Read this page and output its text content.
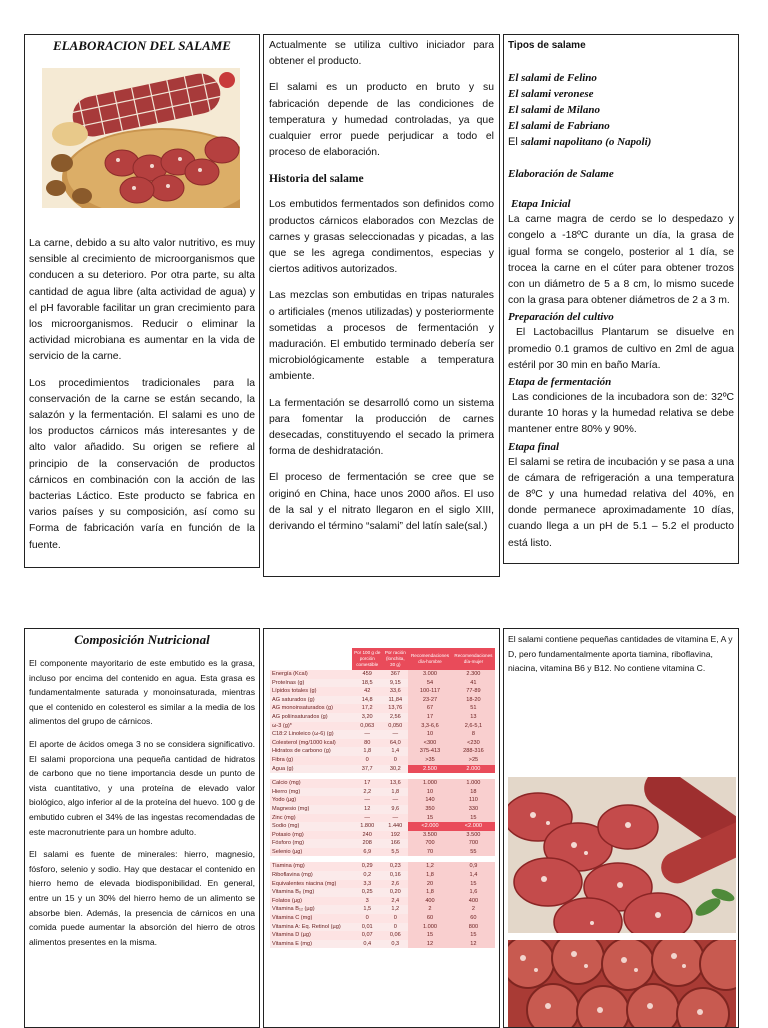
ELABORACION DEL SALAME

La carne, debido a su alto valor nutritivo, es muy sensible al crecimiento de microorganismos que conducen a su deterioro. Por otra parte, su alta cantidad de agua libre (alta actividad de agua) y el pH favorable facilitar un gran crecimiento para los microorganismos. Reducir o eliminar la actividad microbiana es aumentar en la vida de servicio de la carne.

Los procedimientos tradicionales para la conservación de la carne se están secando, la salazón y la fermentación. El salami es uno de los productos cárnicos más interesantes y de alto valor añadido. Su origen se refiere al principio de la conservación de productos cárnicos en combinación con la acción de las bacterias Láctico. Este producto se fabrica en varios países y su composición, así como su Forma de fabricación varía en función de la fuente.

Actualmente se utiliza cultivo iniciador para obtener el producto.

El salami es un producto en bruto y su fabricación depende de las condiciones de temperatura y humedad controladas, ya que cualquier error puede perjudicar a todo el proceso de elaboración.

Historia del salame

Los embutidos fermentados son definidos como productos cárnicos elaborados con Mezclas de carnes y grasas seleccionadas y picadas, a las que se les agrega condimentos, especias y ciertos aditivos autorizados.

Las mezclas son embutidas en tripas naturales o artificiales (menos utilizadas) y posteriormente sometidas a procesos de fermentación y maduración. El embutido terminado debería ser microbiológicamente estable a temperatura ambiente.

La fermentación se desarrolló como un sistema para fomentar la producción de carnes desecadas, constituyendo el secado la primera forma de deshidratación.

El proceso de fermentación se cree que se originó en China, hace unos 2000 años. El uso de la sal y el nitrato llegaron en el siglo XIII, derivando el término “salami” del latín sale(sal.)

Tipos de salame
El salami de Felino
El salami veronese
El salami de Milano
El salami de Fabriano
El salami napolitano (o Napoli)
Elaboración de Salame
Etapa Inicial

La carne magra de cerdo se lo despedazo y congelo a -18ºC durante un día, la grasa de igual forma se congelo, posterior al 1 día, se trocea la carne en el cúter para obtener trozos con un diámetro de 5 a 8 cm, lo mismo sucede con la grasa para obtener diámetros de 2 a 3 m.

Preparación del cultivo

El Lactobacillus Plantarum se disuelve en promedio 0.1 gramos de cultivo en 2ml de agua estéril por 30 min en baño María.

Etapa de fermentación

Las condiciones de la incubadora son de: 32ºC durante 10 horas y la humedad relativa se debe mantener entre 80% y 90%.

Etapa final

El salami se retira de incubación y se pasa a una de cámara de refrigeración a una temperatura de 8ºC y una humedad relativa del 40%, en donde permanece aproximadamente 10 días, cuando llega a un pH de 5.1 – 5.2 el producto está listo.

Composición Nutricional

El componente mayoritario de este embutido es la grasa, incluso por encima del contenido en agua. Esta grasa es fundamentalmente saturada y monoinsaturada, mientras que el contenido en colesterol es similar a la media de los alimentos del grupo de cárnicos.

El aporte de ácidos omega 3 no se considera significativo. El salami proporciona una pequeña cantidad de hidratos de carbono que no tiene importancia desde un punto de vista cuantitativo, y una proteína de elevado valor biológico, algo inferior al de la proteína del huevo. 100 g de embutido cubren el 34% de las ingestas recomendadas de este macronutriente para un hombre adulto.

El salami es fuente de minerales: hierro, magnesio, fósforo, selenio y sodio. Hay que destacar el contenido en hierro hemo de elevada biodisponibilidad. En general, entre un 15 y un 30% del hierro hemo de un alimento se absorbe bien. Además, la presencia de cárnicos en una comida puede aumentar la absorción del hierro de otros alimentos presentes en la misma.

	Por 100 g de porción comestible	Por ración (lonchita, 30 g)	Recomendaciones día-hombre	Recomendaciones día-mujer
Energía (Kcal)	459	367	3.000	2.300
Proteínas (g)	18,5	9,15	54	41
Lípidos totales (g)	42	33,6	100-117	77-89
AG saturados (g)	14,8	11,84	23-27	18-20
AG monoinsaturados (g)	17,2	13,76	67	51
AG poliinsaturados (g)	3,20	2,56	17	13
ω-3 (g)*	0,063	0,050	3,3-6,6	2,6-5,1
C18:2 Linoleico (ω-6) (g)	—	—	10	8
Colesterol (mg/1000 kcal)	80	64,0	<300	<230
Hidratos de carbono (g)	1,8	1,4	375-413	288-316
Fibra (g)	0	0	>35	>25
Agua (g)	37,7	30,2	2.500	2.000

Calcio (mg)	17	13,6	1.000	1.000
Hierro (mg)	2,2	1,8	10	18
Yodo (µg)	—	—	140	110
Magnesio (mg)	12	9,6	350	330
Zinc (mg)	—	—	15	15
Sodio (mg)	1.800	1.440	<2.000	<2.000
Potasio (mg)	240	192	3.500	3.500
Fósforo (mg)	208	166	700	700
Selenio (µg)	6,9	5,5	70	55

Tiamina (mg)	0,29	0,23	1,2	0,9
Riboflavina (mg)	0,2	0,16	1,8	1,4
Equivalentes niacina (mg)	3,3	2,6	20	15
Vitamina B₆ (mg)	0,25	0,20	1,8	1,6
Folatos (µg)	3	2,4	400	400
Vitamina B₁₂ (µg)	1,5	1,2	2	2
Vitamina C (mg)	0	0	60	60
Vitamina A: Eq. Retinol (µg)	0,01	0	1.000	800
Vitamina D (µg)	0,07	0,06	15	15
Vitamina E (mg)	0,4	0,3	12	12

El salami contiene pequeñas cantidades de vitamina E, A y D, pero fundamentalmente aporta tiamina, riboflavina, niacina, vitamina B6 y B12. No contiene vitamina C.
